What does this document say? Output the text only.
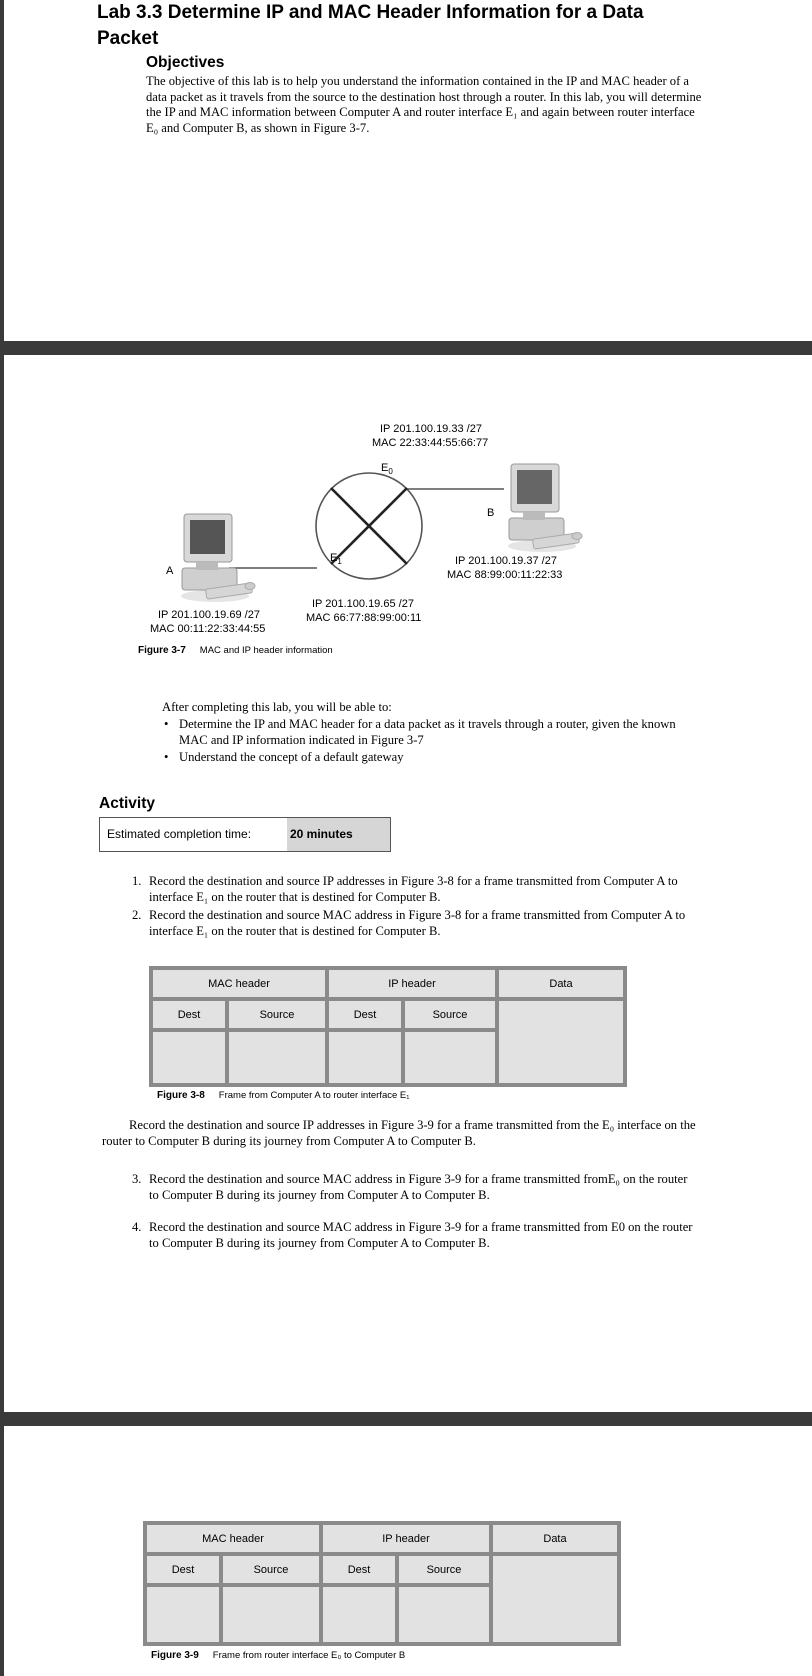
Lab 3.3 Determine IP and MAC Header Information for a Data
Packet
Objectives
The objective of this lab is to help you understand the information contained in the IP and MAC header of a
data packet as it travels from the source to the destination host through a router. In this lab, you will determine
the IP and MAC information between Computer A and router interface E₁ and again between router interface
E₀ and Computer B, as shown in Figure 3-7.
IP 201.100.19.33 /27
MAC 22:33:44:55:66:77
$E_0$
$E_1$
B
A
IP 201.100.19.37 /27
MAC 88:99:00:11:22:33
IP 201.100.19.65 /27
MAC 66:77:88:99:00:11
IP 201.100.19.69 /27
MAC 00:11:22:33:44:55
Figure 3-7 MAC and IP header information
After completing this lab, you will be able to:
• Determine the IP and MAC header for a data packet as it travels through a router, given the known
MAC and IP information indicated in Figure 3-7
• Understand the concept of a default gateway
Activity
Estimated completion time:	20 minutes
1. Record the destination and source IP addresses in Figure 3-8 for a frame transmitted from Computer A to
interface E₁ on the router that is destined for Computer B.
2. Record the destination and source MAC address in Figure 3-8 for a frame transmitted from Computer A to
interface E₁ on the router that is destined for Computer B.
MAC header		IP header		Data
Dest	Source	Dest	Source	

Figure 3-8 Frame from Computer A to router interface E₁
Record the destination and source IP addresses in Figure 3-9 for a frame transmitted from the E₀ interface on the
router to Computer B during its journey from Computer A to Computer B.
3. Record the destination and source MAC address in Figure 3-9 for a frame transmitted fromE₀ on the router
to Computer B during its journey from Computer A to Computer B.
4. Record the destination and source MAC address in Figure 3-9 for a frame transmitted from E0 on the router
to Computer B during its journey from Computer A to Computer B.
MAC header		IP header		Data
Dest	Source	Dest	Source	

Figure 3-9 Frame from router interface E₀ to Computer B
